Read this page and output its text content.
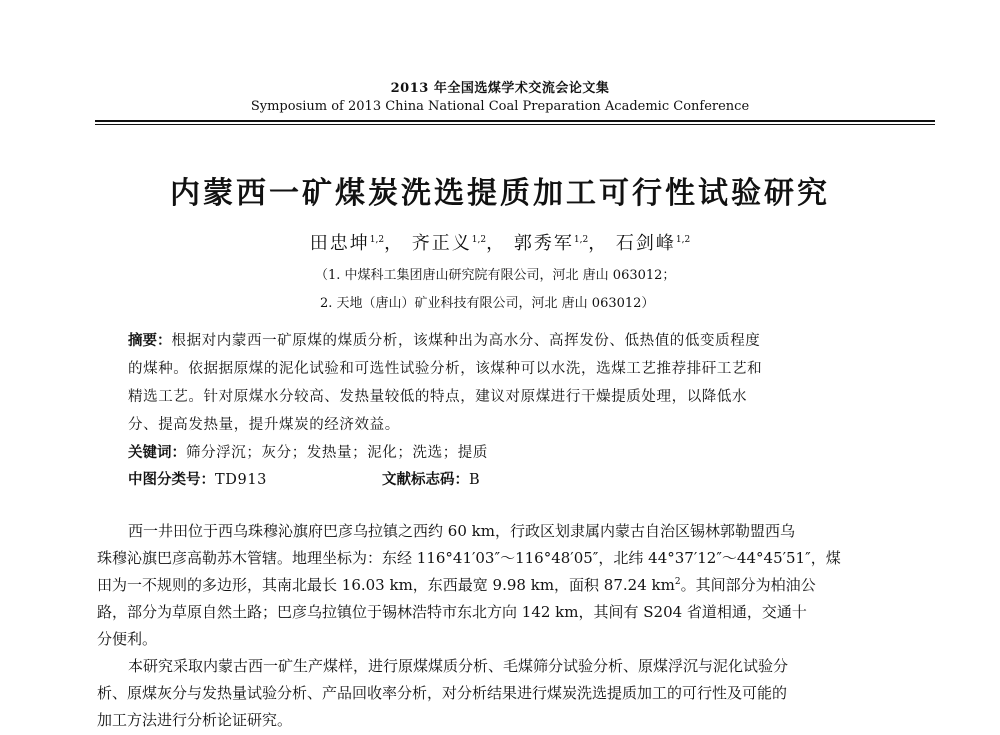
2013 年全国选煤学术交流会论文集
Symposium of 2013 China National Coal Preparation Academic Conference
内蒙西一矿煤炭洗选提质加工可行性试验研究
田忠坤$^{1,2}$， 齐正义$^{1,2}$， 郭秀军$^{1,2}$， 石剑峰$^{1,2}$
（1. 中煤科工集团唐山研究院有限公司，河北 唐山 063012；
2. 天地（唐山）矿业科技有限公司，河北 唐山 063012）
摘要：根据对内蒙西一矿原煤的煤质分析，该煤种出为高水分、高挥发份、低热值的低变质程度
的煤种。依据据原煤的泥化试验和可选性试验分析，该煤种可以水洗，选煤工艺推荐排矸工艺和
精选工艺。针对原煤水分较高、发热量较低的特点，建议对原煤进行干燥提质处理，以降低水
分、提高发热量，提升煤炭的经济效益。
关键词：筛分浮沉；灰分；发热量；泥化；洗选；提质
中图分类号：TD913	文献标志码：B
西一井田位于西乌珠穆沁旗府巴彦乌拉镇之西约 60 km，行政区划隶属内蒙古自治区锡林郭勒盟西乌
珠穆沁旗巴彦高勒苏木管辖。地理坐标为：东经 116°41′03″～116°48′05″，北纬 44°37′12″～44°45′51″，煤
田为一不规则的多边形，其南北最长 16.03 km，东西最宽 9.98 km，面积 87.24 $km^2$。其间部分为柏油公
路，部分为草原自然土路；巴彦乌拉镇位于锡林浩特市东北方向 142 km，其间有 S204 省道相通，交通十
分便利。
本研究采取内蒙古西一矿生产煤样，进行原煤煤质分析、毛煤筛分试验分析、原煤浮沉与泥化试验分
析、原煤灰分与发热量试验分析、产品回收率分析，对分析结果进行煤炭洗选提质加工的可行性及可能的
加工方法进行分析论证研究。
